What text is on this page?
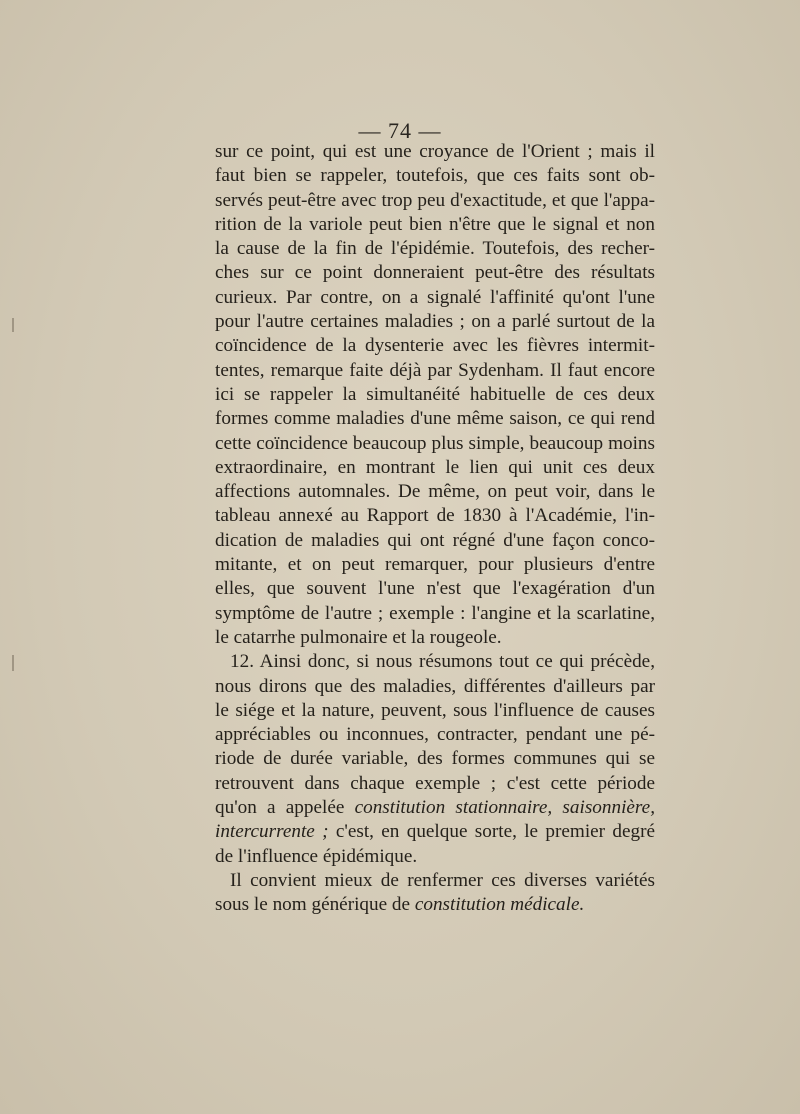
— 74 —
sur ce point, qui est une croyance de l'Orient ; mais il
faut bien se rappeler, toutefois, que ces faits sont ob-
servés peut-être avec trop peu d'exactitude, et que l'appa-
rition de la variole peut bien n'être que le signal et non
la cause de la fin de l'épidémie. Toutefois, des recher-
ches sur ce point donneraient peut-être des résultats
curieux. Par contre, on a signalé l'affinité qu'ont l'une
pour l'autre certaines maladies ; on a parlé surtout de la
coïncidence de la dysenterie avec les fièvres intermit-
tentes, remarque faite déjà par Sydenham. Il faut encore
ici se rappeler la simultanéité habituelle de ces deux
formes comme maladies d'une même saison, ce qui rend
cette coïncidence beaucoup plus simple, beaucoup moins
extraordinaire, en montrant le lien qui unit ces deux
affections automnales. De même, on peut voir, dans le
tableau annexé au Rapport de 1830 à l'Académie, l'in-
dication de maladies qui ont régné d'une façon conco-
mitante, et on peut remarquer, pour plusieurs d'entre
elles, que souvent l'une n'est que l'exagération d'un
symptôme de l'autre ; exemple : l'angine et la scarlatine,
le catarrhe pulmonaire et la rougeole.
12. Ainsi donc, si nous résumons tout ce qui précède,
nous dirons que des maladies, différentes d'ailleurs par
le siége et la nature, peuvent, sous l'influence de causes
appréciables ou inconnues, contracter, pendant une pé-
riode de durée variable, des formes communes qui se
retrouvent dans chaque exemple ; c'est cette période
qu'on a appelée constitution stationnaire, saisonnière,
intercurrente ; c'est, en quelque sorte, le premier degré
de l'influence épidémique.
Il convient mieux de renfermer ces diverses variétés
sous le nom générique de constitution médicale.
